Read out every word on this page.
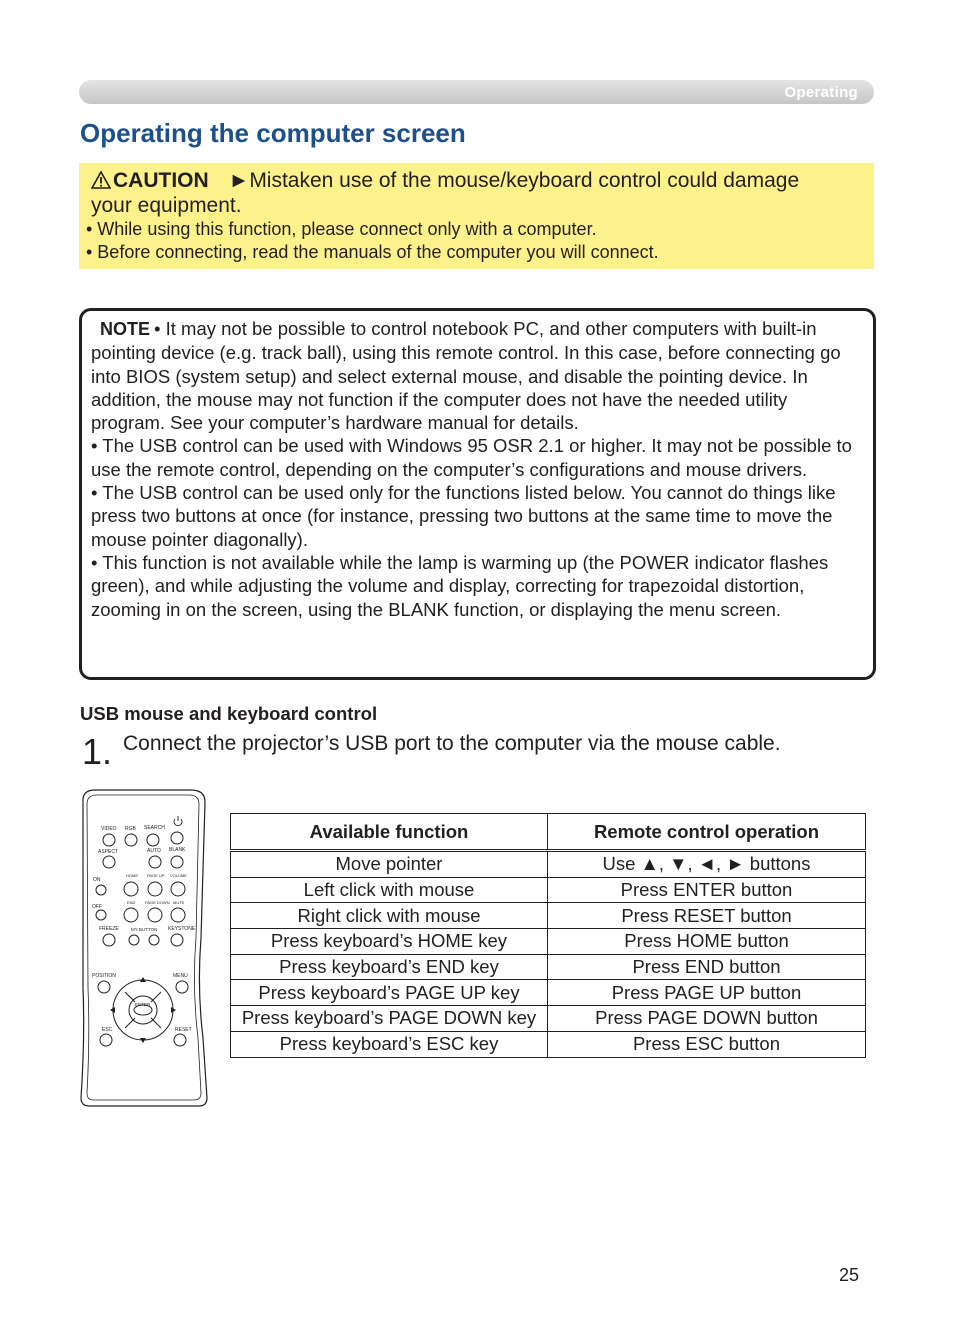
Operating
Operating the computer screen
CAUTION ►Mistaken use of the mouse/keyboard control could damage
your equipment.
• While using this function, please connect only with a computer.
• Before connecting, read the manuals of the computer you will connect.

NOTE • It may not be possible to control notebook PC, and other computers with built-in pointing device (e.g. track ball), using this remote control. In this case, before connecting go into BIOS (system setup) and select external mouse, and disable the pointing device. In addition, the mouse may not function if the computer does not have the needed utility program. See your computer’s hardware manual for details.

• The USB control can be used with Windows 95 OSR 2.1 or higher. It may not be possible to use the remote control, depending on the computer’s configurations and mouse drivers.

• The USB control can be used only for the functions listed below. You cannot do things like press two buttons at once (for instance, pressing two buttons at the same time to move the mouse pointer diagonally).

• This function is not available while the lamp is warming up (the POWER indicator flashes green), and while adjusting the volume and display, correcting for trapezoidal distortion, zooming in on the screen, using the BLANK function, or displaying the menu screen.

USB mouse and keyboard control
1. Connect the projector’s USB port to the computer via the mouse cable.
VIDEO RGB SEARCH
ASPECT	AUTO BLANK
ON
OFF
HOME PAGE UP VOLUME
END PAGE DOWN MUTE
FREEZE	MY BUTTON KEYSTONE
POSITION	MENU
ENTER
ESC	RESET
Available function	Remote control operation

Move pointer	Use ▲, ▼, ◄, ► buttons
Left click with mouse	Press ENTER button
Right click with mouse	Press RESET button
Press keyboard’s HOME key	Press HOME button
Press keyboard’s END key	Press END button
Press keyboard’s PAGE UP key	Press PAGE UP button
Press keyboard’s PAGE DOWN key	Press PAGE DOWN button
Press keyboard’s ESC key	Press ESC button
25
